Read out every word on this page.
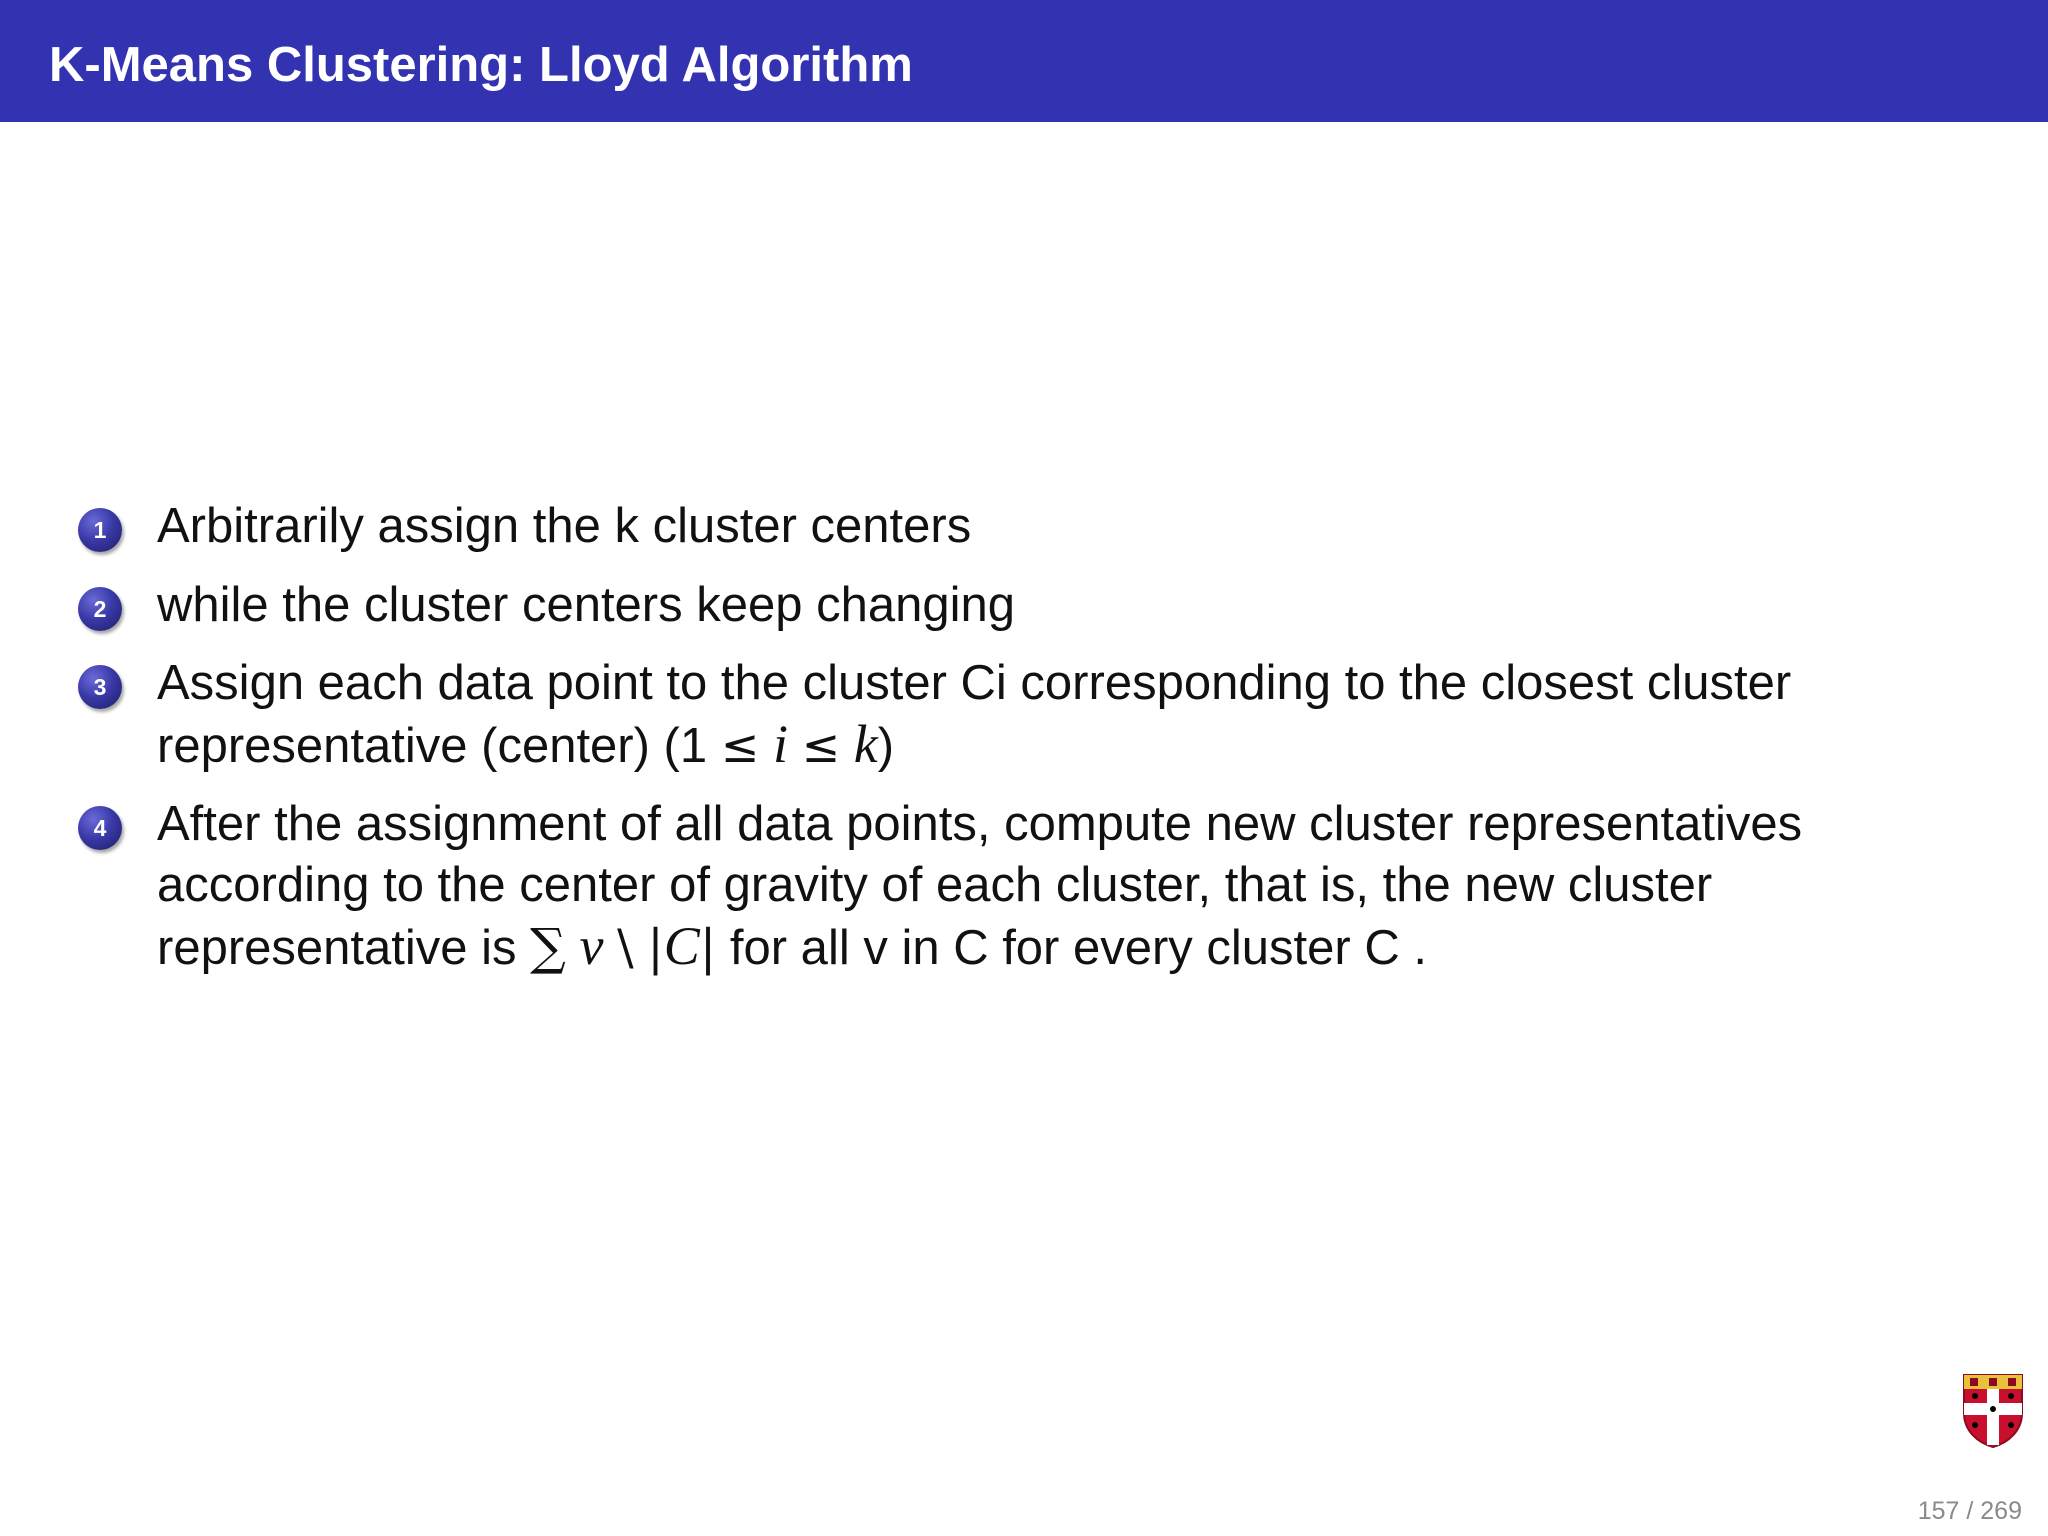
K-Means Clustering: Lloyd Algorithm
1	Arbitrarily assign the k cluster centers
2	while the cluster centers keep changing
3	Assign each data point to the cluster Ci corresponding to the closest cluster representative (center) (1 ≤ i ≤ k)
4	After the assignment of all data points, compute new cluster representatives according to the center of gravity of each cluster, that is, the new cluster representative is ∑ v \ |C| for all v in C for every cluster C .
157 / 269
